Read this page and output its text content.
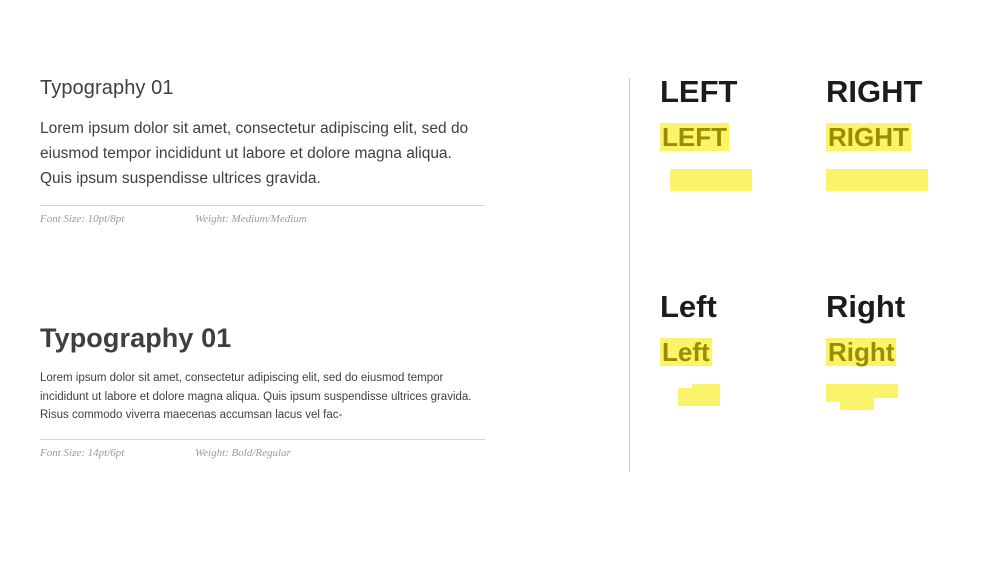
Typography 01

Lorem ipsum dolor sit amet, consectetur adipiscing elit, sed do eiusmod tempor incididunt ut labore et dolore magna aliqua. Quis ipsum suspendisse ultrices gravida.

Font Size: 10pt/8pt	Weight: Medium/Medium
Typography 01

Lorem ipsum dolor sit amet, consectetur adipiscing elit, sed do eiusmod tempor incididunt ut labore et dolore magna aliqua. Quis ipsum suspendisse ultrices gravida. Risus commodo viverra maecenas accumsan lacus vel fac-

Font Size: 14pt/6pt	Weight: Bold/Regular
LEFT
LEFT
RIGHT
RIGHT
Left
Left
Right
Right
